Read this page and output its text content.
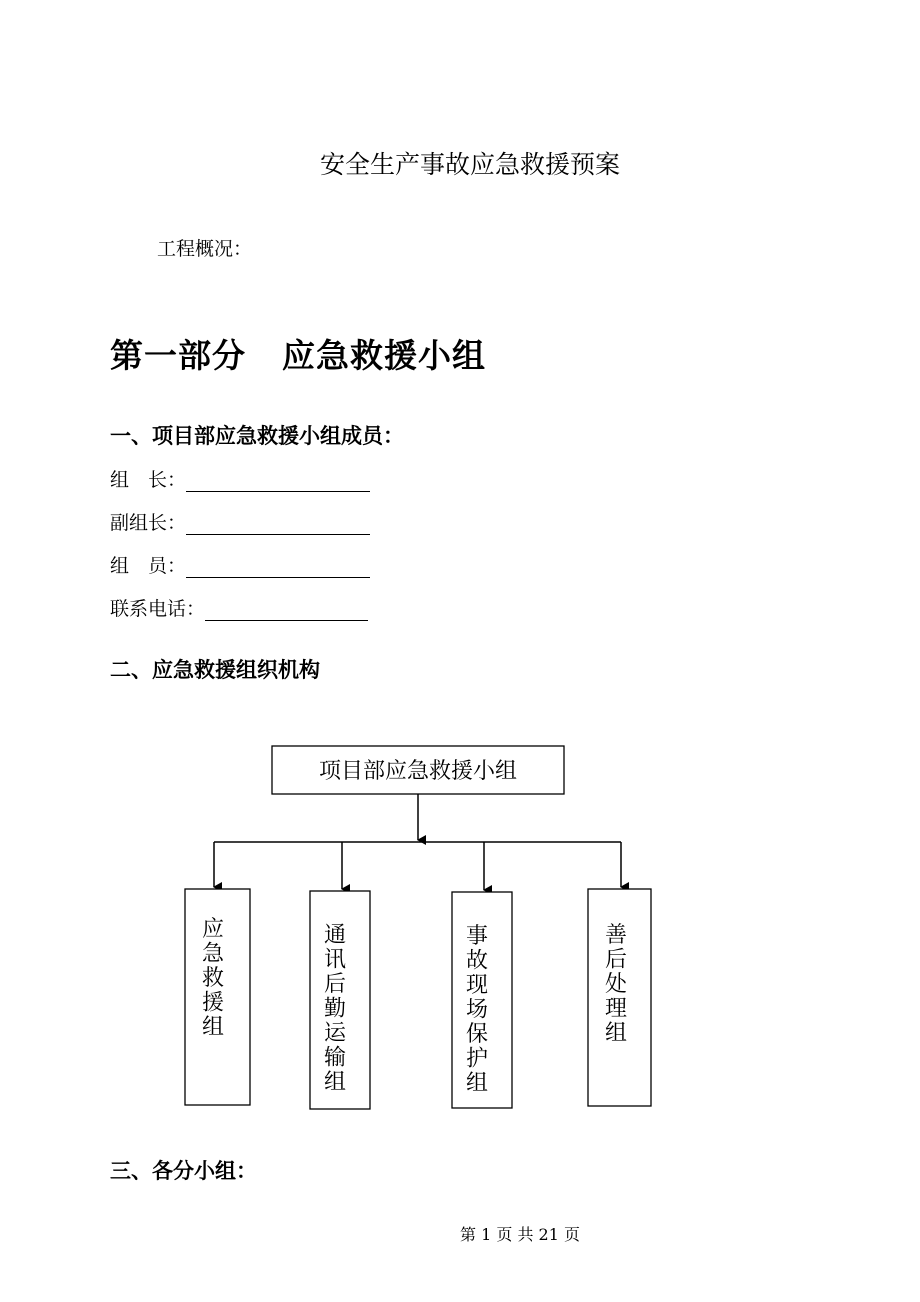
安全生产事故应急救援预案
工程概况：
第一部分 应急救援小组
一、项目部应急救援小组成员：
组　长：
副组长：
组　员：
联系电话：
二、应急救援组织机构
项目部应急救援小组
应急救援组
通讯后勤运输组
事故现场保护组
善后处理组
三、各分小组：
第 1 页 共 21 页
